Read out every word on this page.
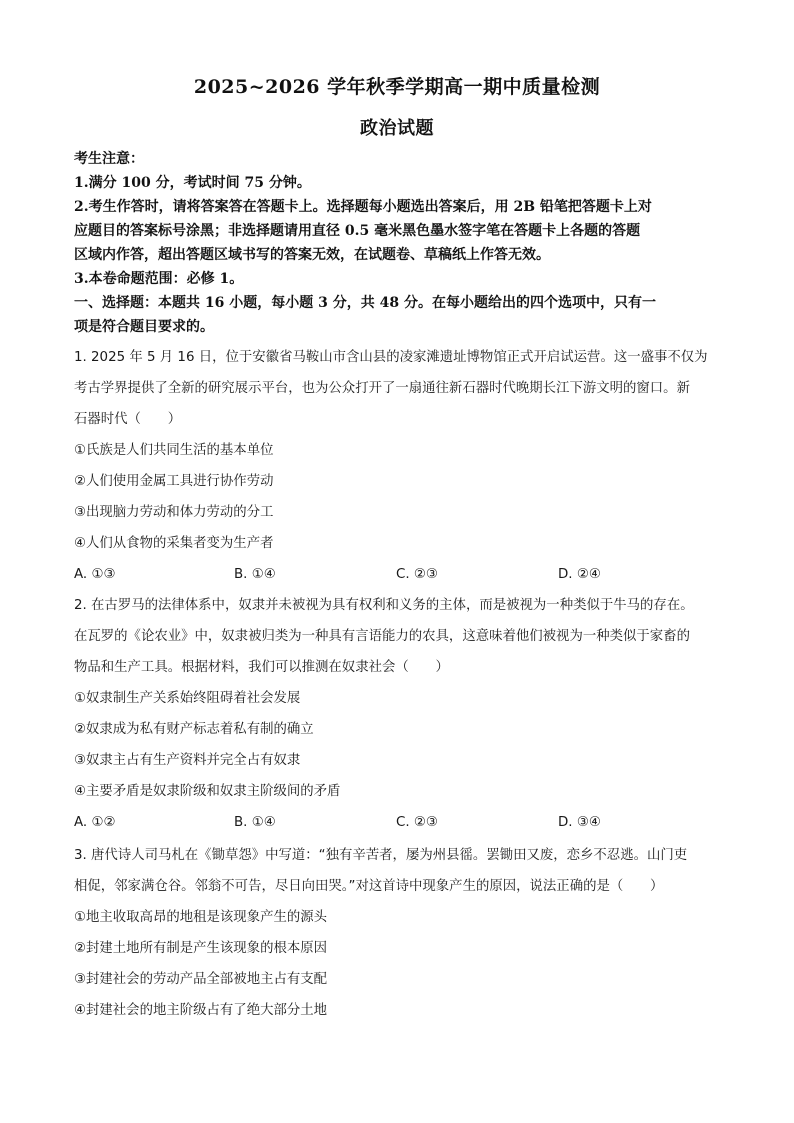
2025~2026 学年秋季学期高一期中质量检测
政治试题
考生注意：
1.满分 100 分，考试时间 75 分钟。
2.考生作答时，请将答案答在答题卡上。选择题每小题选出答案后，用 2B 铅笔把答题卡上对
应题目的答案标号涂黑；非选择题请用直径 0.5 毫米黑色墨水签字笔在答题卡上各题的答题
区域内作答，超出答题区域书写的答案无效，在试题卷、草稿纸上作答无效。
3.本卷命题范围：必修 1。
一、选择题：本题共 16 小题，每小题 3 分，共 48 分。在每小题给出的四个选项中，只有一
项是符合题目要求的。
1. 2025 年 5 月 16 日，位于安徽省马鞍山市含山县的凌家滩遗址博物馆正式开启试运营。这一盛事不仅为
考古学界提供了全新的研究展示平台，也为公众打开了一扇通往新石器时代晚期长江下游文明的窗口。新
石器时代（　　）
①氏族是人们共同生活的基本单位
②人们使用金属工具进行协作劳动
③出现脑力劳动和体力劳动的分工
④人们从食物的采集者变为生产者
A. ①③	B. ①④	C. ②③	D. ②④
2. 在古罗马的法律体系中，奴隶并未被视为具有权利和义务的主体，而是被视为一种类似于牛马的存在。
在瓦罗的《论农业》中，奴隶被归类为一种具有言语能力的农具，这意味着他们被视为一种类似于家畜的
物品和生产工具。根据材料，我们可以推测在奴隶社会（　　）
①奴隶制生产关系始终阻碍着社会发展
②奴隶成为私有财产标志着私有制的确立
③奴隶主占有生产资料并完全占有奴隶
④主要矛盾是奴隶阶级和奴隶主阶级间的矛盾
A. ①②	B. ①④	C. ②③	D. ③④
3. 唐代诗人司马札在《锄草怨》中写道：“独有辛苦者，屡为州县徭。罢锄田又废，恋乡不忍逃。山门吏
相促，邻家满仓谷。邻翁不可告，尽日向田哭。”对这首诗中现象产生的原因，说法正确的是（　　）
①地主收取高昂的地租是该现象产生的源头
②封建土地所有制是产生该现象的根本原因
③封建社会的劳动产品全部被地主占有支配
④封建社会的地主阶级占有了绝大部分土地
